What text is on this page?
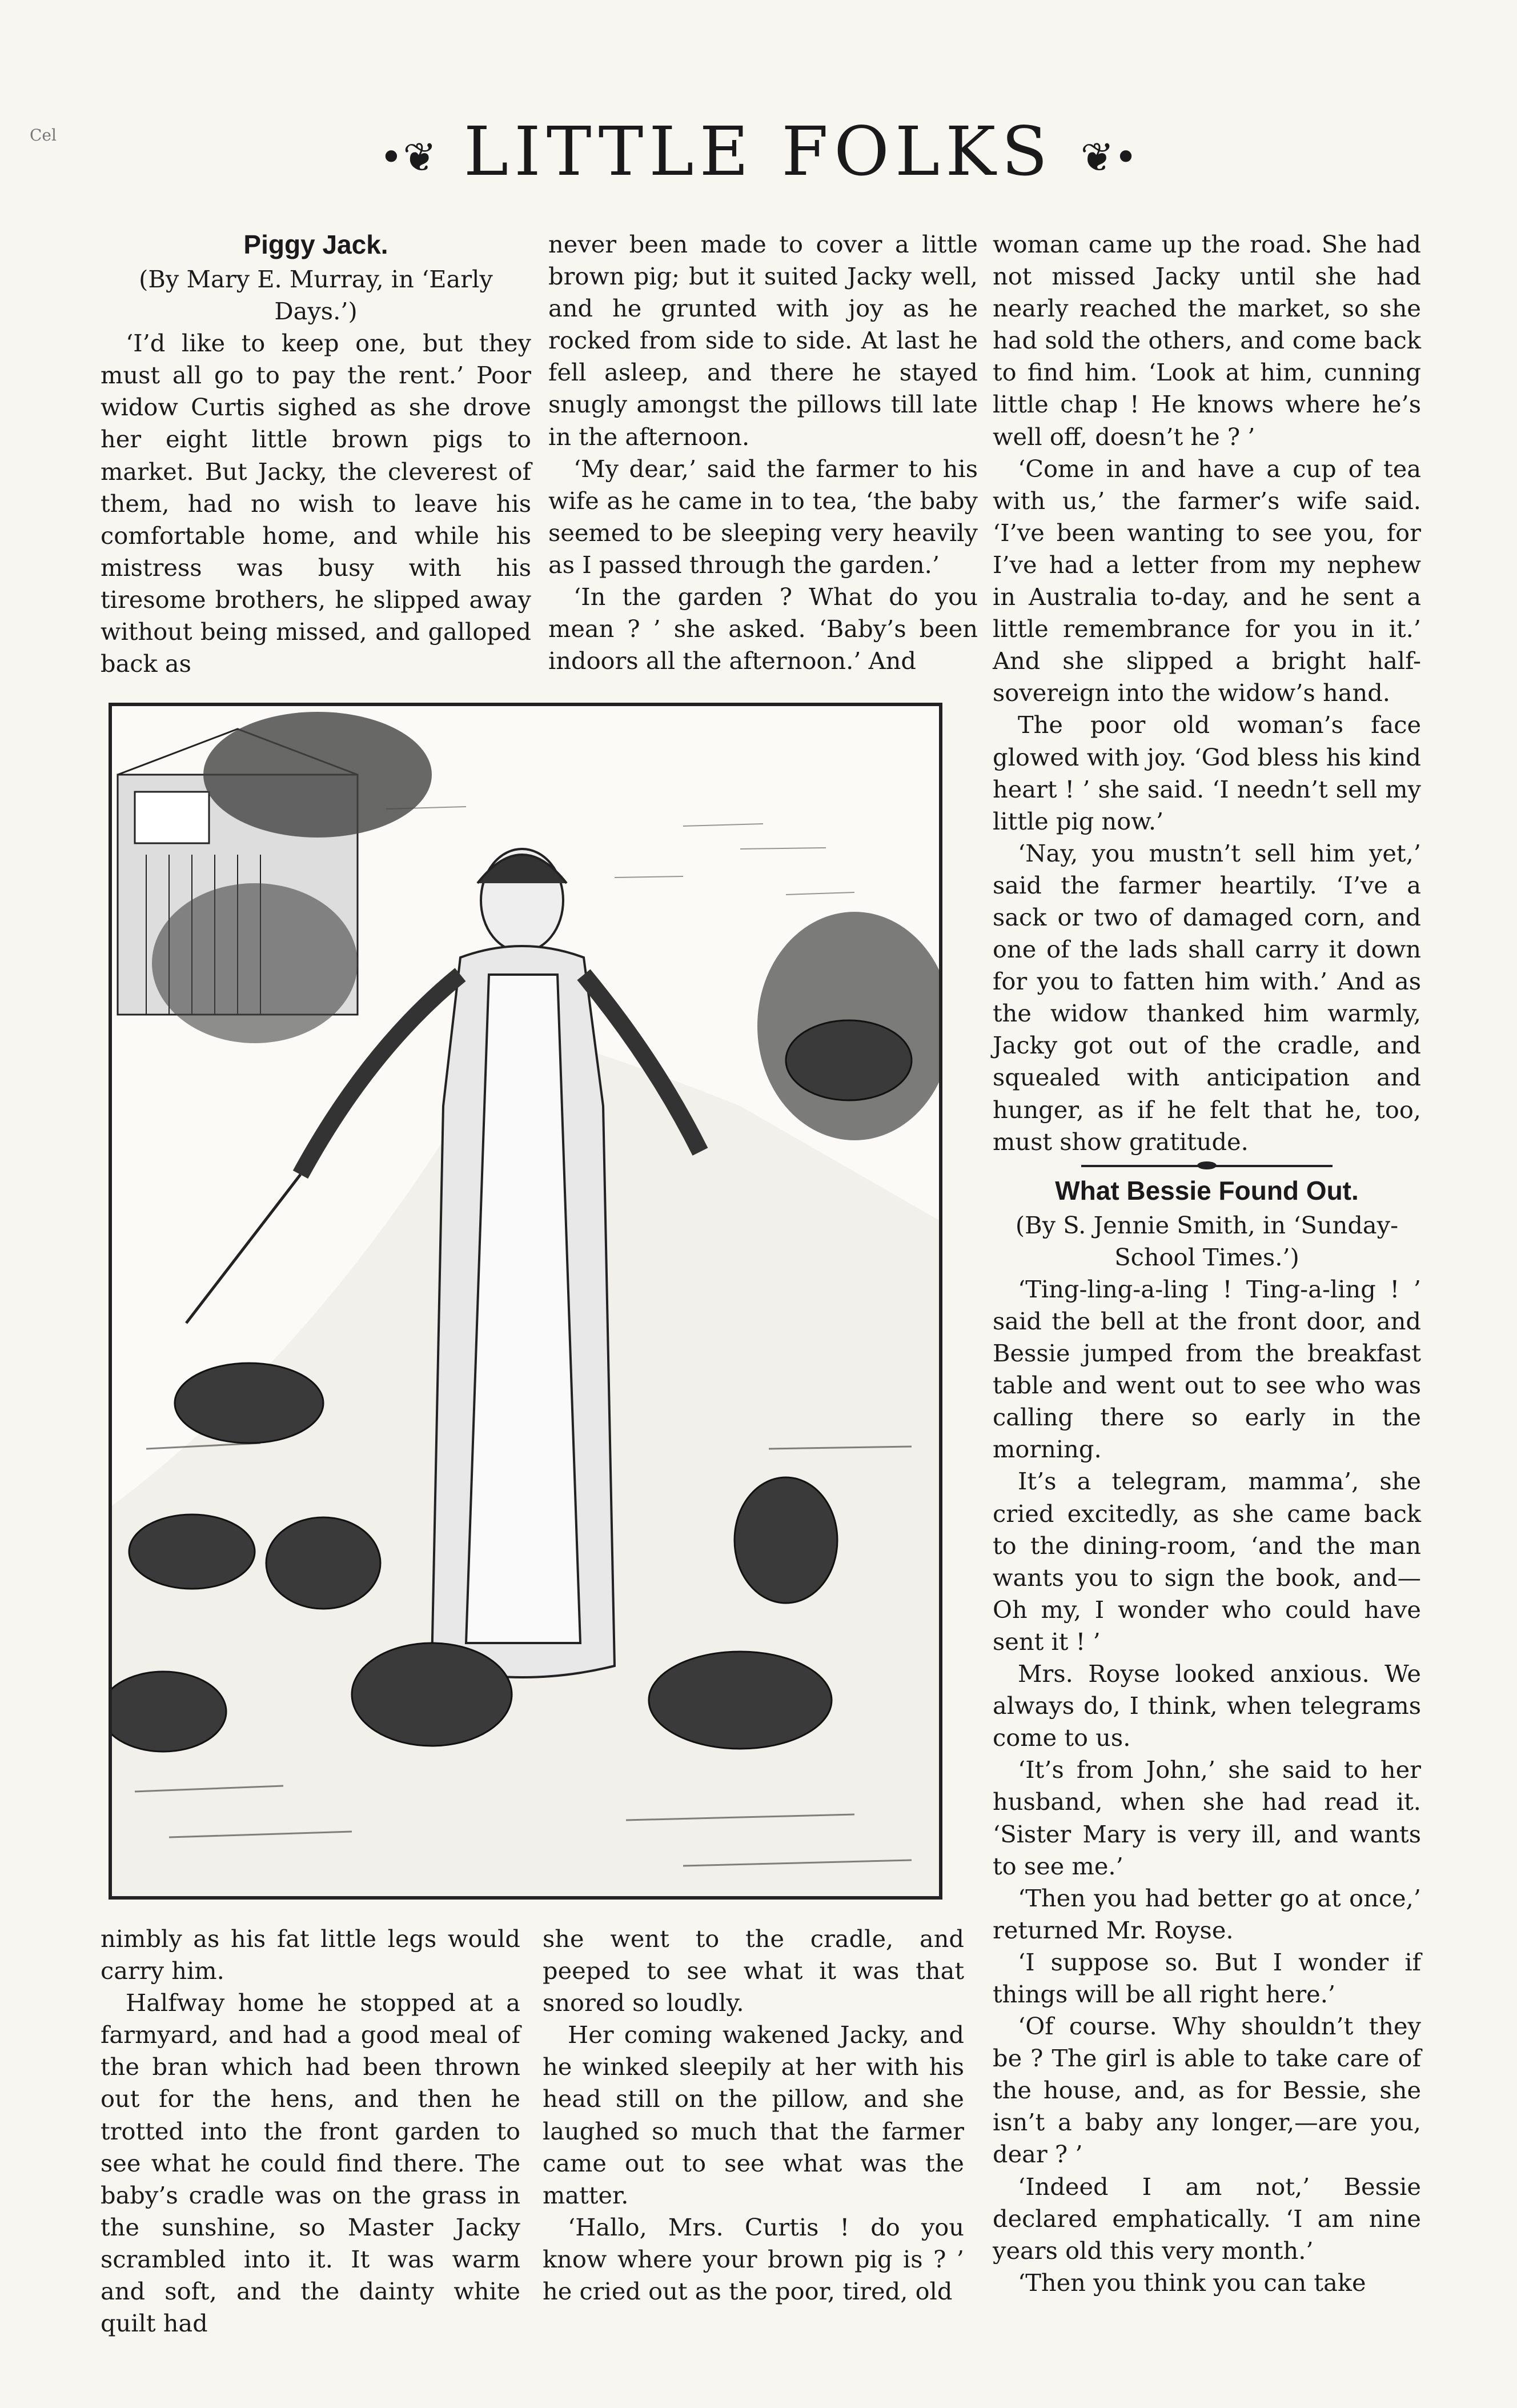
Cel	•❦ LITTLE FOLKS ❦•
Piggy Jack.

(By Mary E. Murray, in ‘Early Days.’)

‘I’d like to keep one, but they must all go to pay the rent.’ Poor widow Curtis sighed as she drove her eight little brown pigs to market. But Jacky, the cleverest of them, had no wish to leave his comfortable home, and while his mistress was busy with his tiresome brothers, he slipped away without being missed, and galloped back as

never been made to cover a little brown pig; but it suited Jacky well, and he grunted with joy as he rocked from side to side. At last he fell asleep, and there he stayed snugly amongst the pillows till late in the afternoon.

‘My dear,’ said the farmer to his wife as he came in to tea, ‘the baby seemed to be sleeping very heavily as I passed through the garden.’

‘In the garden ? What do you mean ? ’ she asked. ‘Baby’s been indoors all the afternoon.’ And

woman came up the road. She had not missed Jacky until she had nearly reached the market, so she had sold the others, and come back to find him. ‘Look at him, cunning little chap ! He knows where he’s well off, doesn’t he ? ’

‘Come in and have a cup of tea with us,’ the farmer’s wife said. ‘I’ve been wanting to see you, for I’ve had a letter from my nephew in Australia to-day, and he sent a little remembrance for you in it.’ And she slipped a bright half-sovereign into the widow’s hand.

The poor old woman’s face glowed with joy. ‘God bless his kind heart ! ’ she said. ‘I needn’t sell my little pig now.’

‘Nay, you mustn’t sell him yet,’ said the farmer heartily. ‘I’ve a sack or two of damaged corn, and one of the lads shall carry it down for you to fatten him with.’ And as the widow thanked him warmly, Jacky got out of the cradle, and squealed with anticipation and hunger, as if he felt that he, too, must show gratitude.

What Bessie Found Out.

(By S. Jennie Smith, in ‘Sunday-School Times.’)

‘Ting-ling-a-ling ! Ting-a-ling ! ’ said the bell at the front door, and Bessie jumped from the breakfast table and went out to see who was calling there so early in the morning.

It’s a telegram, mamma’, she cried excitedly, as she came back to the dining-room, ‘and the man wants you to sign the book, and— Oh my, I wonder who could have sent it ! ’

Mrs. Royse looked anxious. We always do, I think, when telegrams come to us.

‘It’s from John,’ she said to her husband, when she had read it. ‘Sister Mary is very ill, and wants to see me.’

‘Then you had better go at once,’ returned Mr. Royse.

‘I suppose so. But I wonder if things will be all right here.’

‘Of course. Why shouldn’t they be ? The girl is able to take care of the house, and, as for Bessie, she isn’t a baby any longer,—are you, dear ? ’

‘Indeed I am not,’ Bessie declared emphatically. ‘I am nine years old this very month.’

‘Then you think you can take

nimbly as his fat little legs would carry him.

Halfway home he stopped at a farmyard, and had a good meal of the bran which had been thrown out for the hens, and then he trotted into the front garden to see what he could find there. The baby’s cradle was on the grass in the sunshine, so Master Jacky scrambled into it. It was warm and soft, and the dainty white quilt had

she went to the cradle, and peeped to see what it was that snored so loudly.

Her coming wakened Jacky, and he winked sleepily at her with his head still on the pillow, and she laughed so much that the farmer came out to see what was the matter.

‘Hallo, Mrs. Curtis ! do you know where your brown pig is ? ’ he cried out as the poor, tired, old
